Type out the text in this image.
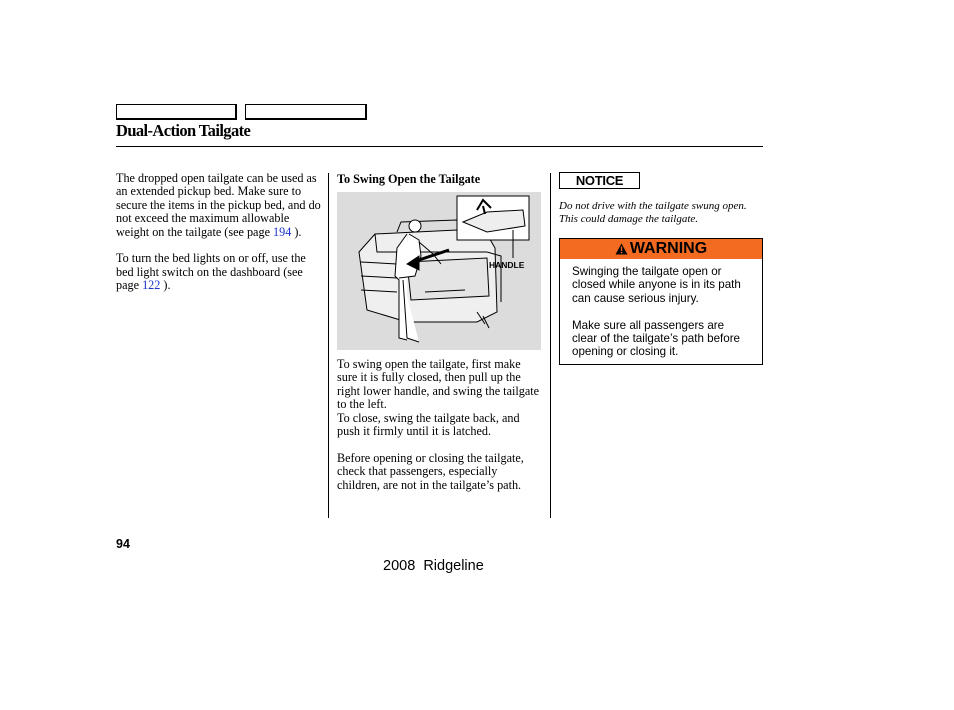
Dual-Action Tailgate

The dropped open tailgate can be used as an extended pickup bed. Make sure to secure the items in the pickup bed, and do not exceed the maximum allowable weight on the tailgate (see page 194 ).

To turn the bed lights on or off, use the bed light switch on the dashboard (see page 122 ).

To Swing Open the Tailgate
HANDLE

To swing open the tailgate, first make sure it is fully closed, then pull up the right lower handle, and swing the tailgate to the left.

To close, swing the tailgate back, and push it firmly until it is latched.

Before opening or closing the tailgate, check that passengers, especially children, are not in the tailgate’s path.

NOTICE
Do not drive with the tailgate swung open. This could damage the tailgate.
WARNING

Swinging the tailgate open or closed while anyone is in its path can cause serious injury.

Make sure all passengers are clear of the tailgate’s path before opening or closing it.

94
2008  Ridgeline
